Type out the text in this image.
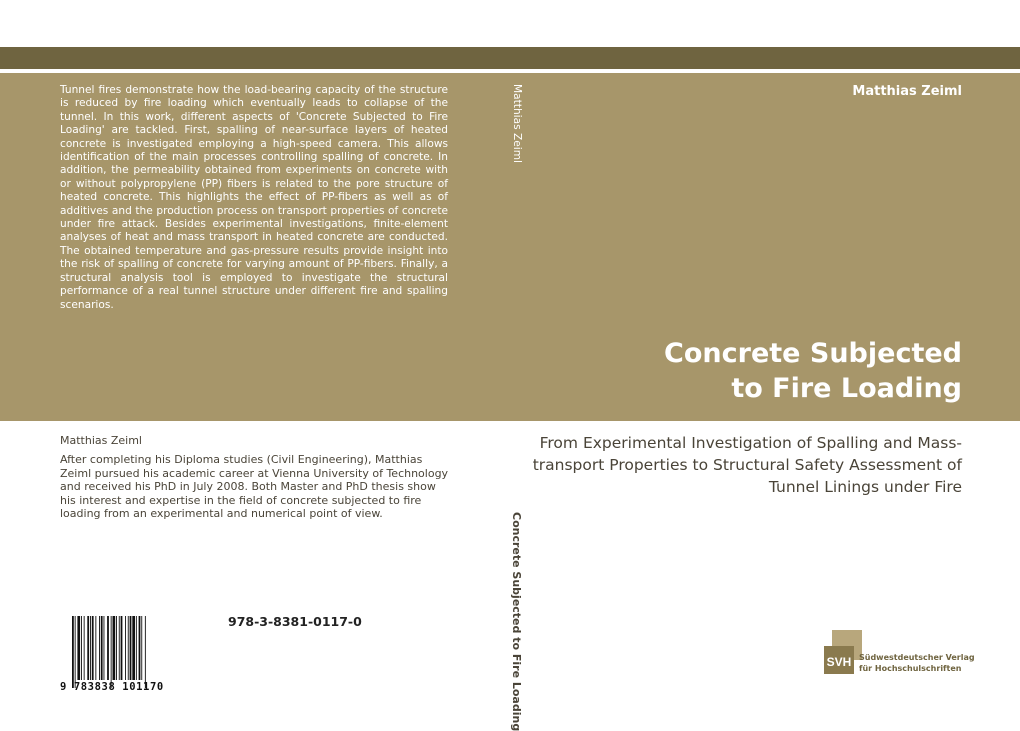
Tunnel fires demonstrate how the load-bearing capacity of the structure is reduced by fire loading which eventually leads to collapse of the tunnel. In this work, different aspects of 'Concrete Subjected to Fire Loading' are tackled. First, spalling of near-surface layers of heated concrete is investigated employing a high-speed camera. This allows identification of the main processes controlling spalling of concrete. In addition, the permeability obtained from experiments on concrete with or without polypropylene (PP) fibers is related to the pore structure of heated concrete. This highlights the effect of PP-fibers as well as of additives and the production process on transport properties of concrete under fire attack. Besides experimental investigations, finite-element analyses of heat and mass transport in heated concrete are conducted. The obtained temperature and gas-pressure results provide insight into the risk of spalling of concrete for varying amount of PP-fibers. Finally, a structural analysis tool is employed to investigate the structural performance of a real tunnel structure under different fire and spalling scenarios.
Matthias Zeiml	Matthias Zeiml
Concrete Subjected
to Fire Loading
Matthias Zeiml
After completing his Diploma studies (Civil Engineering), Matthias Zeiml pursued his academic career at Vienna University of Technology and received his PhD in July 2008. Both Master and PhD thesis show his interest and expertise in the field of concrete subjected to fire loading from an experimental and numerical point of view.	Concrete Subjected to Fire Loading
From Experimental Investigation of Spalling and Mass-transport Properties to Structural Safety Assessment of Tunnel Linings under Fire
978-3-8381-0117-0
9 783838 101170
SVH Südwestdeutscher Verlag
für Hochschulschriften
